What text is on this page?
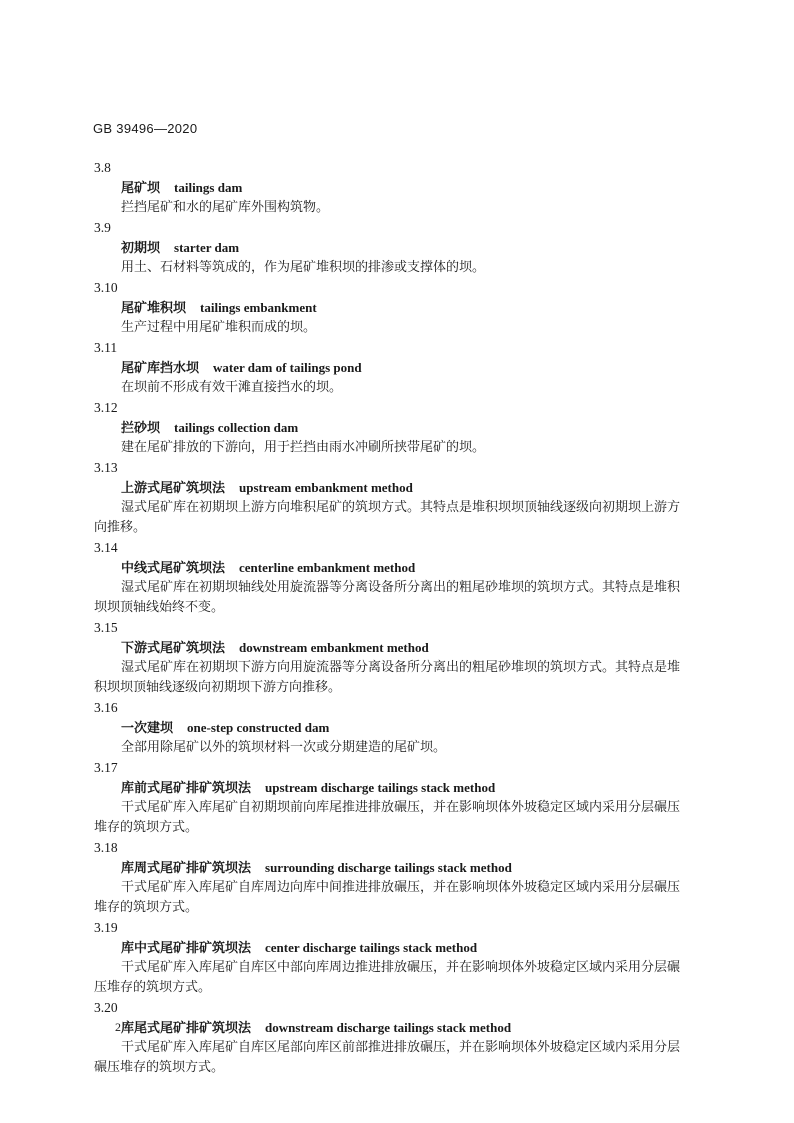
GB 39496—2020
3.8
尾矿坝 tailings dam

拦挡尾矿和水的尾矿库外围构筑物。

3.9
初期坝 starter dam

用土、石材料等筑成的，作为尾矿堆积坝的排渗或支撑体的坝。

3.10
尾矿堆积坝 tailings embankment

生产过程中用尾矿堆积而成的坝。

3.11
尾矿库挡水坝 water dam of tailings pond

在坝前不形成有效干滩直接挡水的坝。

3.12
拦砂坝 tailings collection dam

建在尾矿排放的下游向，用于拦挡由雨水冲刷所挟带尾矿的坝。

3.13
上游式尾矿筑坝法 upstream embankment method

湿式尾矿库在初期坝上游方向堆积尾矿的筑坝方式。其特点是堆积坝坝顶轴线逐级向初期坝上游方向推移。

3.14
中线式尾矿筑坝法 centerline embankment method

湿式尾矿库在初期坝轴线处用旋流器等分离设备所分离出的粗尾砂堆坝的筑坝方式。其特点是堆积坝坝顶轴线始终不变。

3.15
下游式尾矿筑坝法 downstream embankment method

湿式尾矿库在初期坝下游方向用旋流器等分离设备所分离出的粗尾砂堆坝的筑坝方式。其特点是堆积坝坝顶轴线逐级向初期坝下游方向推移。

3.16
一次建坝 one-step constructed dam

全部用除尾矿以外的筑坝材料一次或分期建造的尾矿坝。

3.17
库前式尾矿排矿筑坝法 upstream discharge tailings stack method

干式尾矿库入库尾矿自初期坝前向库尾推进排放碾压，并在影响坝体外坡稳定区域内采用分层碾压堆存的筑坝方式。

3.18
库周式尾矿排矿筑坝法 surrounding discharge tailings stack method

干式尾矿库入库尾矿自库周边向库中间推进排放碾压，并在影响坝体外坡稳定区域内采用分层碾压堆存的筑坝方式。

3.19
库中式尾矿排矿筑坝法 center discharge tailings stack method

干式尾矿库入库尾矿自库区中部向库周边推进排放碾压，并在影响坝体外坡稳定区域内采用分层碾压堆存的筑坝方式。

3.20
库尾式尾矿排矿筑坝法 downstream discharge tailings stack method

干式尾矿库入库尾矿自库区尾部向库区前部推进排放碾压，并在影响坝体外坡稳定区域内采用分层碾压堆存的筑坝方式。

2
